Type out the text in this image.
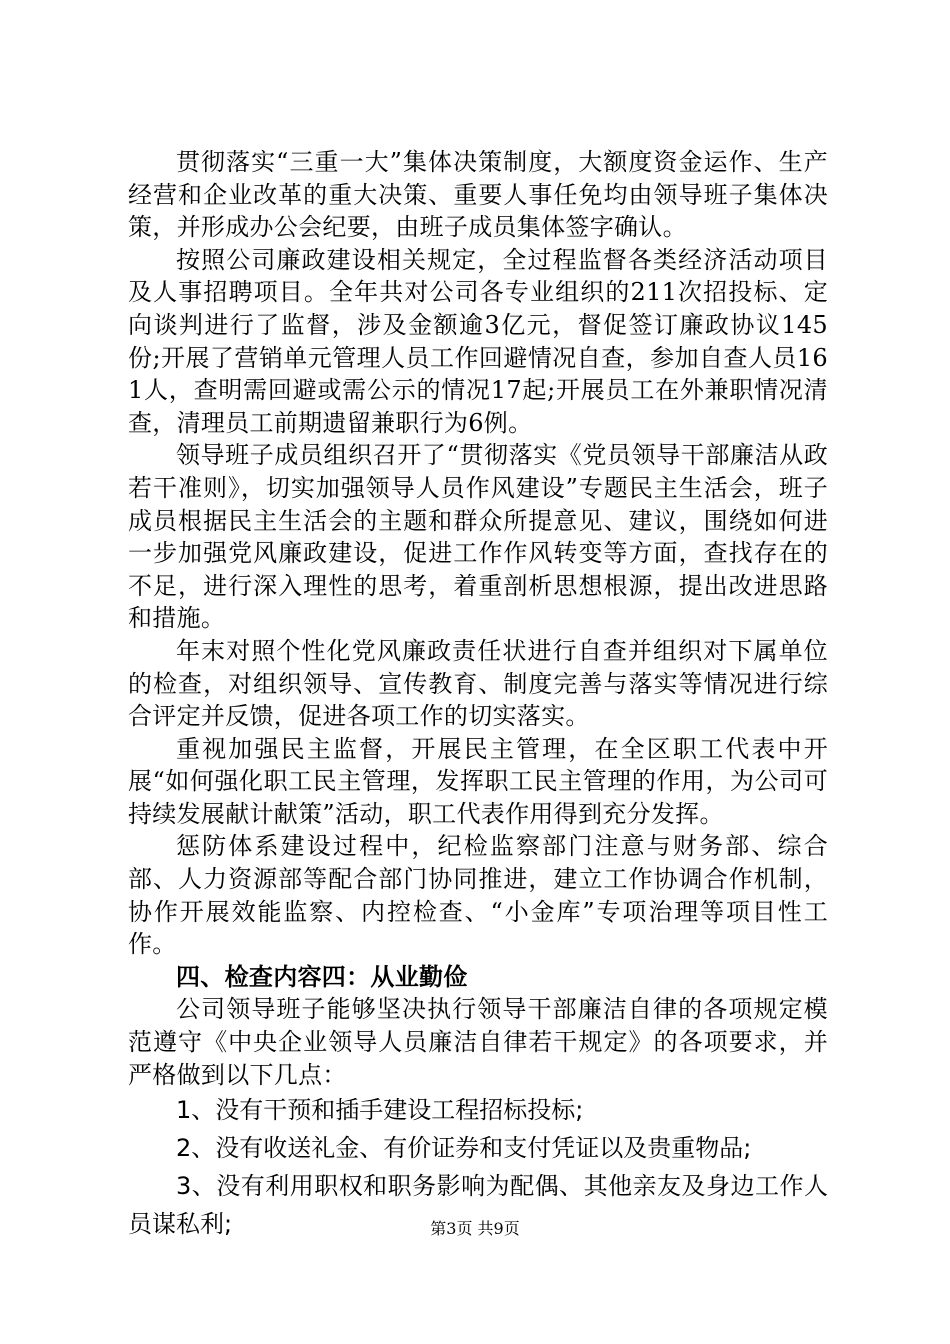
贯彻落实“三重一大”集体决策制度，大额度资金运作、生产经营和企业改革的重大决策、重要人事任免均由领导班子集体决策，并形成办公会纪要，由班子成员集体签字确认。

按照公司廉政建设相关规定，全过程监督各类经济活动项目及人事招聘项目。全年共对公司各专业组织的211次招投标、定向谈判进行了监督，涉及金额逾3亿元，督促签订廉政协议145份;开展了营销单元管理人员工作回避情况自查，参加自查人员161人，查明需回避或需公示的情况17起;开展员工在外兼职情况清查，清理员工前期遗留兼职行为6例。

领导班子成员组织召开了“贯彻落实《党员领导干部廉洁从政若干准则》，切实加强领导人员作风建设”专题民主生活会，班子成员根据民主生活会的主题和群众所提意见、建议，围绕如何进一步加强党风廉政建设，促进工作作风转变等方面，查找存在的不足，进行深入理性的思考，着重剖析思想根源，提出改进思路和措施。

年末对照个性化党风廉政责任状进行自查并组织对下属单位的检查，对组织领导、宣传教育、制度完善与落实等情况进行综合评定并反馈，促进各项工作的切实落实。

重视加强民主监督，开展民主管理，在全区职工代表中开展“如何强化职工民主管理，发挥职工民主管理的作用，为公司可持续发展献计献策”活动，职工代表作用得到充分发挥。

惩防体系建设过程中，纪检监察部门注意与财务部、综合部、人力资源部等配合部门协同推进，建立工作协调合作机制，协作开展效能监察、内控检查、“小金库”专项治理等项目性工作。

四、检查内容四：从业勤俭

公司领导班子能够坚决执行领导干部廉洁自律的各项规定模范遵守《中央企业领导人员廉洁自律若干规定》的各项要求，并严格做到以下几点：

1、没有干预和插手建设工程招标投标;

2、没有收送礼金、有价证券和支付凭证以及贵重物品;

3、没有利用职权和职务影响为配偶、其他亲友及身边工作人员谋私利;	第3页 共9页
